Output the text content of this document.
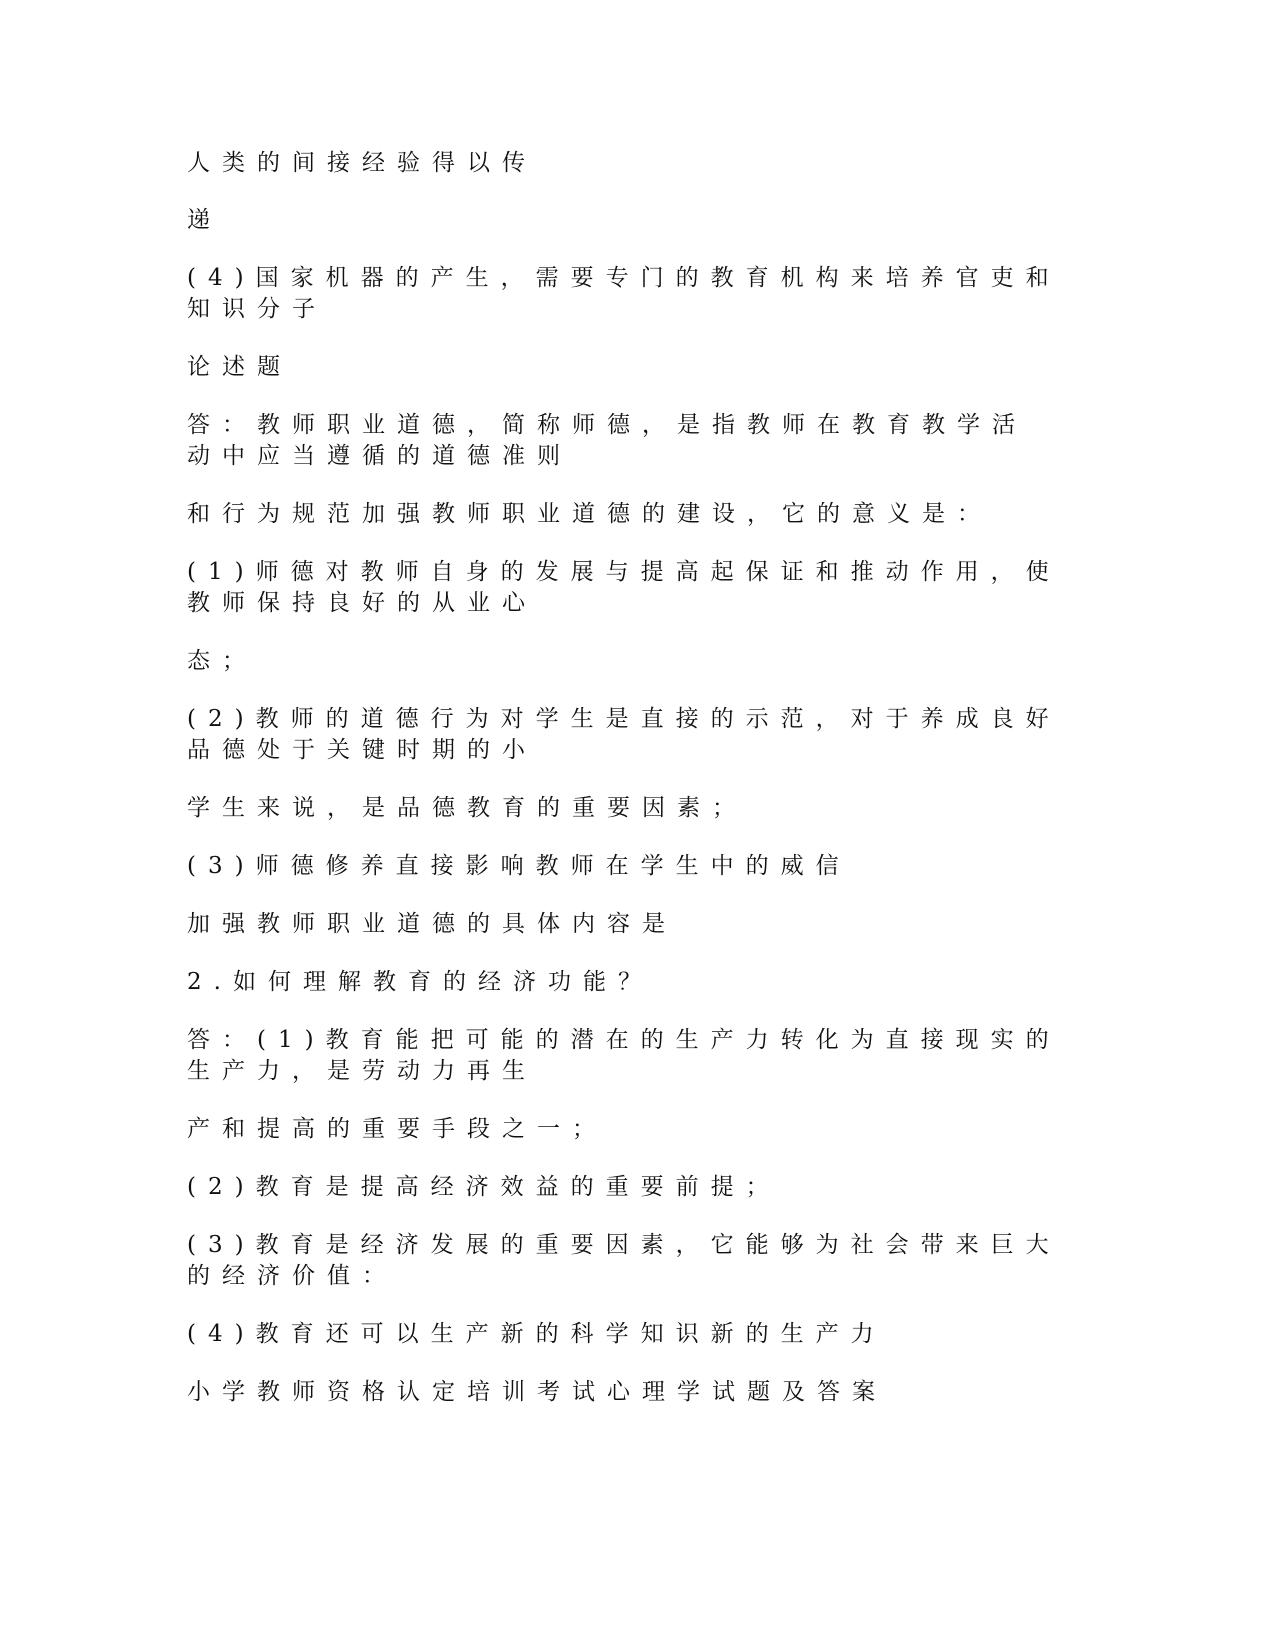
人类的间接经验得以传
递
(4)国家机器的产生，需要专门的教育机构来培养官吏和
知识分子
论述题
答：教师职业道德，简称师德，是指教师在教育教学活
动中应当遵循的道德准则
和行为规范加强教师职业道德的建设，它的意义是：
(1)师德对教师自身的发展与提高起保证和推动作用，使
教师保持良好的从业心
态；
(2)教师的道德行为对学生是直接的示范，对于养成良好
品德处于关键时期的小
学生来说，是品德教育的重要因素；
(3)师德修养直接影响教师在学生中的威信
加强教师职业道德的具体内容是
2.如何理解教育的经济功能？
答：(1)教育能把可能的潜在的生产力转化为直接现实的
生产力，是劳动力再生
产和提高的重要手段之一；
(2)教育是提高经济效益的重要前提；
(3)教育是经济发展的重要因素，它能够为社会带来巨大
的经济价值：
(4)教育还可以生产新的科学知识新的生产力
小学教师资格认定培训考试心理学试题及答案
